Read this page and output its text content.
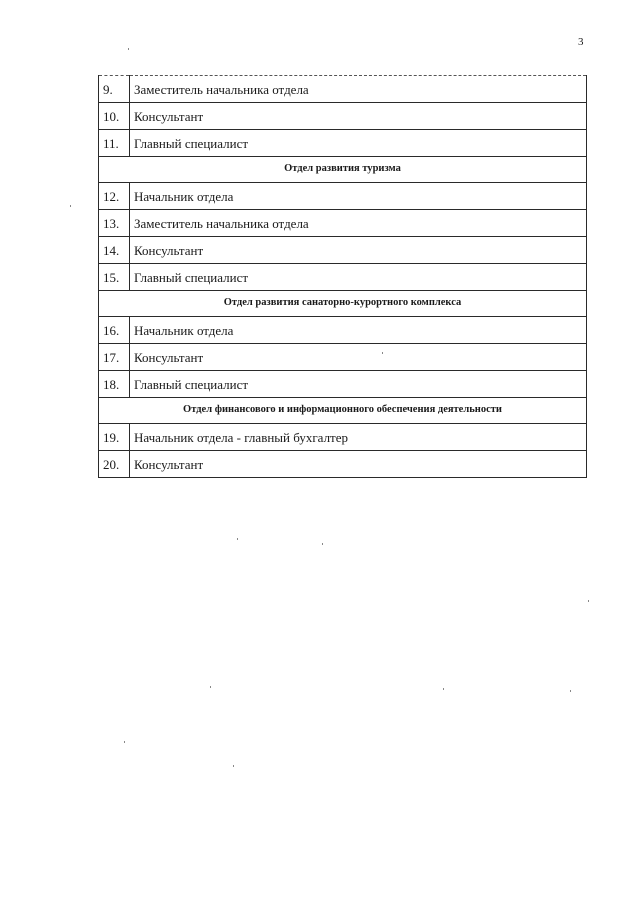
3
9.	Заместитель начальника отдела
10.	Консультант
11.	Главный специалист
Отдел развития туризма	
12.	Начальник отдела
13.	Заместитель начальника отдела
14.	Консультант
15.	Главный специалист
Отдел развития санаторно-курортного комплекса	
16.	Начальник отдела
17.	Консультант
18.	Главный специалист
Отдел финансового и информационного обеспечения деятельности	
19.	Начальник отдела - главный бухгалтер
20.	Консультант
